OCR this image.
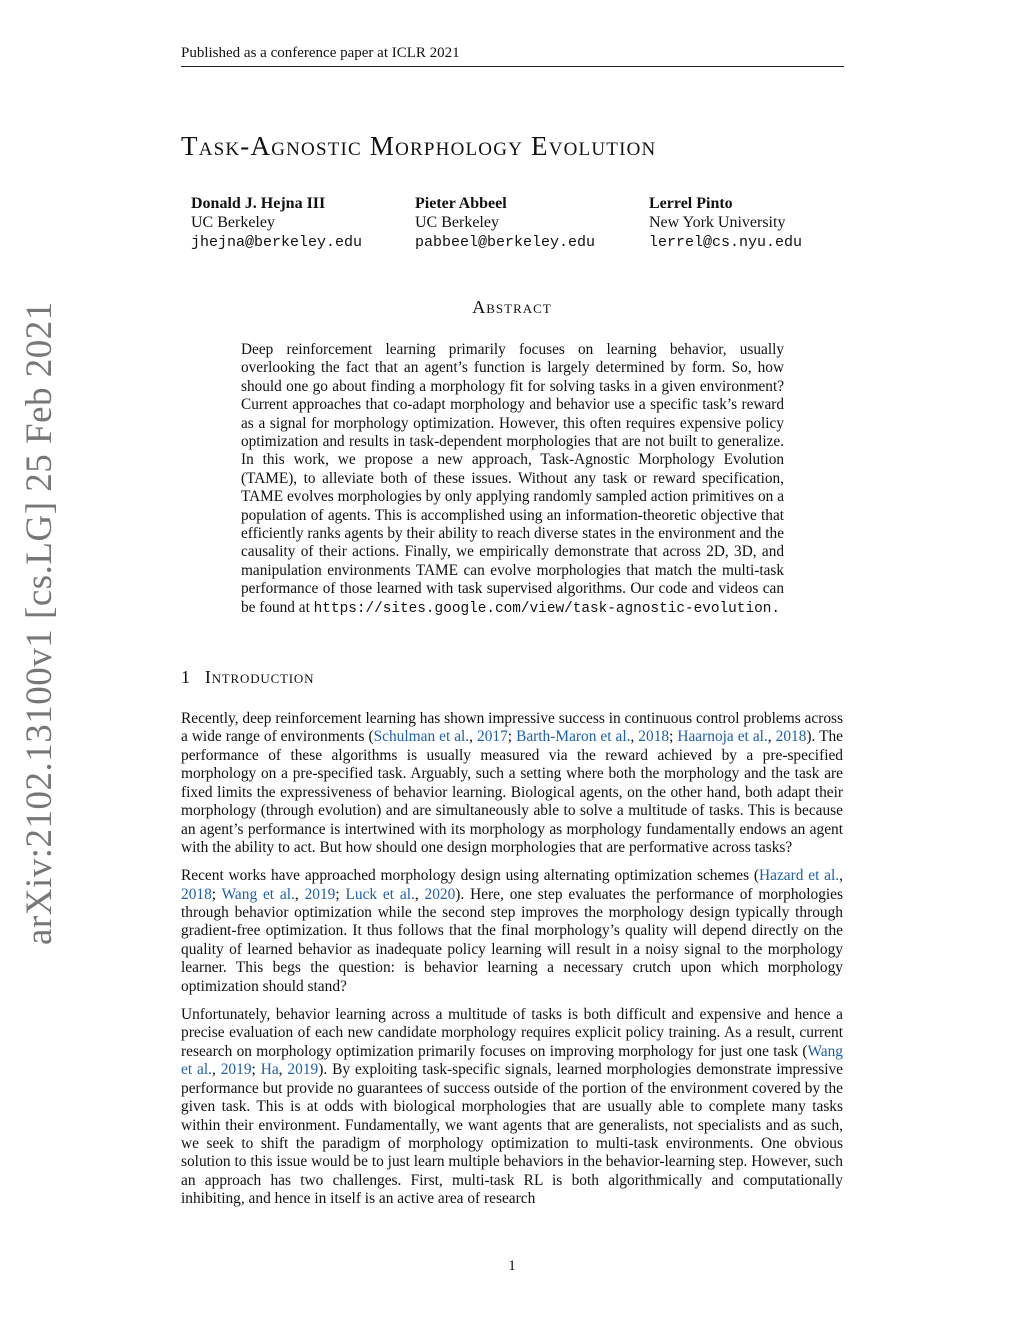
Published as a conference paper at ICLR 2021
Task-Agnostic Morphology Evolution
Donald J. Hejna III
UC Berkeley
jhejna@berkeley.edu
Pieter Abbeel
UC Berkeley
pabbeel@berkeley.edu
Lerrel Pinto
New York University
lerrel@cs.nyu.edu
Abstract
Deep reinforcement learning primarily focuses on learning behavior, usually overlooking the fact that an agent’s function is largely determined by form. So, how should one go about finding a morphology fit for solving tasks in a given environment? Current approaches that co-adapt morphology and behavior use a specific task’s reward as a signal for morphology optimization. However, this often requires expensive policy optimization and results in task-dependent morphologies that are not built to generalize. In this work, we propose a new approach, Task-Agnostic Morphology Evolution (TAME), to alleviate both of these issues. Without any task or reward specification, TAME evolves morphologies by only applying randomly sampled action primitives on a population of agents. This is accomplished using an information-theoretic objective that efficiently ranks agents by their ability to reach diverse states in the environment and the causality of their actions. Finally, we empirically demonstrate that across 2D, 3D, and manipulation environments TAME can evolve morphologies that match the multi-task performance of those learned with task supervised algorithms. Our code and videos can be found at https://sites.google.com/view/task-agnostic-evolution.
1 Introduction

Recently, deep reinforcement learning has shown impressive success in continuous control problems across a wide range of environments (Schulman et al., 2017; Barth-Maron et al., 2018; Haarnoja et al., 2018). The performance of these algorithms is usually measured via the reward achieved by a pre-specified morphology on a pre-specified task. Arguably, such a setting where both the morphology and the task are fixed limits the expressiveness of behavior learning. Biological agents, on the other hand, both adapt their morphology (through evolution) and are simultaneously able to solve a multitude of tasks. This is because an agent’s performance is intertwined with its morphology as morphology fundamentally endows an agent with the ability to act. But how should one design morphologies that are performative across tasks?

Recent works have approached morphology design using alternating optimization schemes (Hazard et al., 2018; Wang et al., 2019; Luck et al., 2020). Here, one step evaluates the performance of morphologies through behavior optimization while the second step improves the morphology design typically through gradient-free optimization. It thus follows that the final morphology’s quality will depend directly on the quality of learned behavior as inadequate policy learning will result in a noisy signal to the morphology learner. This begs the question: is behavior learning a necessary crutch upon which morphology optimization should stand?

Unfortunately, behavior learning across a multitude of tasks is both difficult and expensive and hence a precise evaluation of each new candidate morphology requires explicit policy training. As a result, current research on morphology optimization primarily focuses on improving morphology for just one task (Wang et al., 2019; Ha, 2019). By exploiting task-specific signals, learned morphologies demonstrate impressive performance but provide no guarantees of success outside of the portion of the environment covered by the given task. This is at odds with biological morphologies that are usually able to complete many tasks within their environment. Fundamentally, we want agents that are generalists, not specialists and as such, we seek to shift the paradigm of morphology optimization to multi-task environments. One obvious solution to this issue would be to just learn multiple behaviors in the behavior-learning step. However, such an approach has two challenges. First, multi-task RL is both algorithmically and computationally inhibiting, and hence in itself is an active area of research

arXiv:2102.13100v1 [cs.LG] 25 Feb 2021
1
